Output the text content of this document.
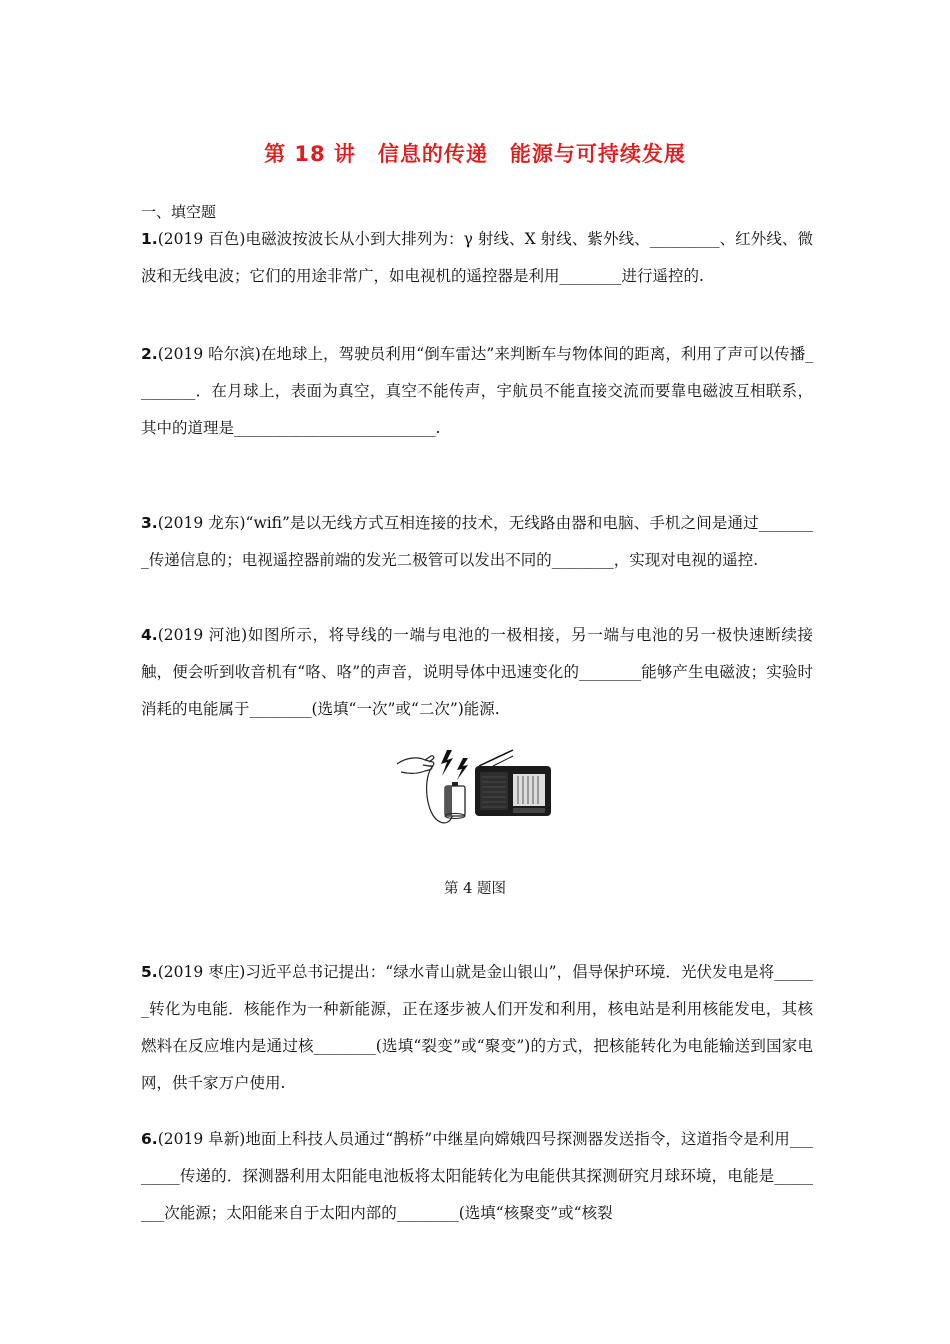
第 18 讲　信息的传递　能源与可持续发展
一、填空题
1.(2019 百色)电磁波按波长从小到大排列为：γ 射线、X 射线、紫外线、_________、红外线、微波和无线电波；它们的用途非常广，如电视机的遥控器是利用________进行遥控的.
2.(2019 哈尔滨)在地球上，驾驶员利用“倒车雷达”来判断车与物体间的距离，利用了声可以传播________．在月球上，表面为真空，真空不能传声，宇航员不能直接交流而要靠电磁波互相联系，其中的道理是__________________________.
3.(2019 龙东)“wifi”是以无线方式互相连接的技术，无线路由器和电脑、手机之间是通过________传递信息的；电视遥控器前端的发光二极管可以发出不同的________，实现对电视的遥控.
4.(2019 河池)如图所示，将导线的一端与电池的一极相接，另一端与电池的另一极快速断续接触，便会听到收音机有“咯、咯”的声音，说明导体中迅速变化的________能够产生电磁波；实验时消耗的电能属于________(选填“一次”或“二次”)能源.
第 4 题图
5.(2019 枣庄)习近平总书记提出：“绿水青山就是金山银山”，倡导保护环境．光伏发电是将______转化为电能．核能作为一种新能源，正在逐步被人们开发和利用，核电站是利用核能发电，其核燃料在反应堆内是通过核________(选填“裂变”或“聚变”)的方式，把核能转化为电能输送到国家电网，供千家万户使用.
6.(2019 阜新)地面上科技人员通过“鹊桥”中继星向嫦娥四号探测器发送指令，这道指令是利用________传递的．探测器利用太阳能电池板将太阳能转化为电能供其探测研究月球环境，电能是________次能源；太阳能来自于太阳内部的________(选填“核聚变”或“核裂
